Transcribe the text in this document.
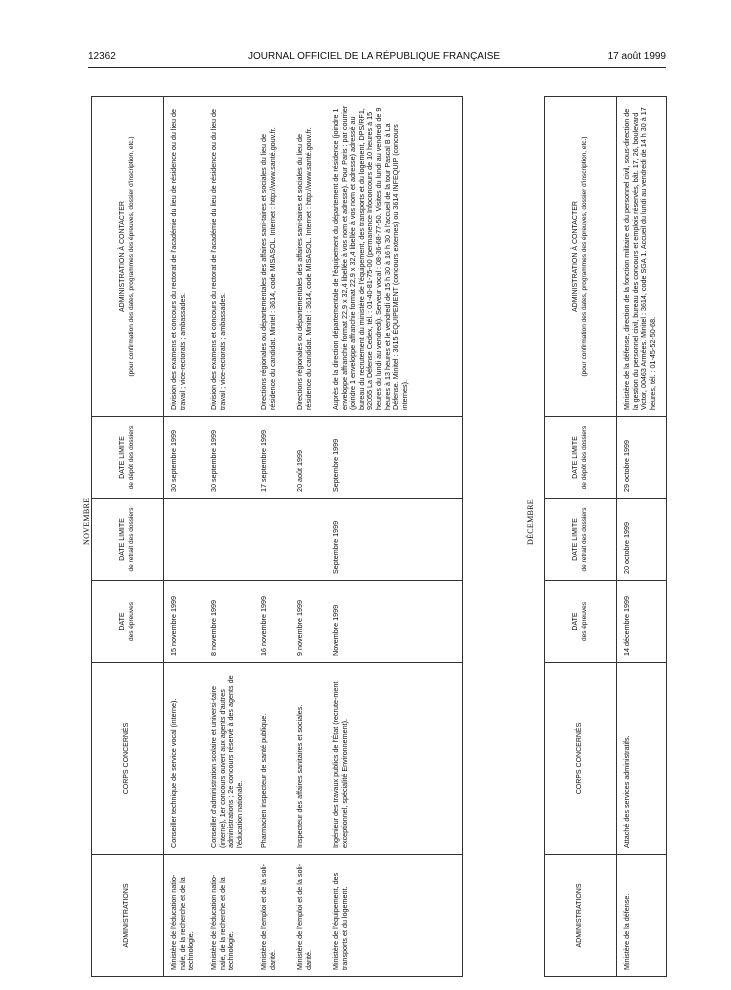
12362	JOURNAL OFFICIEL DE LA RÉPUBLIQUE FRANÇAISE	17 août 1999
NOVEMBRE
ADMINISTRATIONS	CORPS CONCERNÉS	DATE des épreuves	DATE LIMITE de retrait des dossiers	DATE LIMITE de dépôt des dossiers	ADMINISTRATION À CONTACTER (pour confirmation des dates, programmes des épreuves, dossier d'inscription, etc.)

Ministère de l'éducation natio-nale, de la recherche et de la technologie.	Conseiller technique de service vocal (interne).	15 novembre 1999		30 septembre 1999	Division des examens et concours du rectorat de l'académie du lieu de résidence ou du lieu de travail ; vice-rectorats ; ambassades.
Ministère de l'éducation natio-nale, de la recherche et de la technologie.	Conseiller d'administration scolaire et universi-taire (interne), 1er concours ouvert aux agents d'autres administrations ; 2e concours réservé à des agents de l'éducation nationale.	8 novembre 1999		30 septembre 1999	Division des examens et concours du rectorat de l'académie du lieu de résidence ou du lieu de travail ; vice-rectorats ; ambassades.
Ministère de l'emploi et de la soli-darité.	Pharmacien inspecteur de santé publique.	16 novembre 1999		17 septembre 1999	Directions régionales ou départementales des affaires sani-taires et sociales du lieu de résidence du candidat. Minitel : 3614, code MISASOL. Internet : http://www.santé.gouv.fr.
Ministère de l'emploi et de la soli-darité.	Inspecteur des affaires sanitaires et sociales.	9 novembre 1999		20 août 1999	Directions régionales ou départementales des affaires sani-taires et sociales du lieu de résidence du candidat. Minitel : 3614, code MISASOL. Internet : http://www.santé.gouv.fr.
Ministère de l'équipement, des transports et du logement.	Ingénieur des travaux publics de l'État (recrute-ment exceptionnel, spécialité Environnement).	Novembre 1999	Septembre 1999	Septembre 1999	Auprès de la direction départementale de l'équipement du département de résidence (joindre 1 enveloppe affranchie format 22,9 x 32,4 libellée à vos nom et adresse). Pour Paris : par courrier (joindre 1 enveloppe affranchie format 22,9 x 32,4 libellée à vos nom et adresse) adressé au bureau du recrutement du ministère de l'équipement, des transports et du logement, DPS/RF1, 92055 La Défense Cedex, tél. : 01-40-81-75-00 (permanence Infoconcours de 10 heures à 15 heures du lundi au vendredi). Serveur vocal : 08-36-68-77-50. Visites du lundi au vendredi de 9 heures à 13 heures et le vendredi de 15 h 30 à 16 h 30 à l'accueil de la tour Pascal B à La Défense. Minitel : 3615 ÉQUIPEMENT (concours externes) ou 3614 INFEQUIP (concours internes).
DÉCEMBRE
ADMINISTRATIONS	CORPS CONCERNÉS	DATE des épreuves	DATE LIMITE de retrait des dossiers	DATE LIMITE de dépôt des dossiers	ADMINISTRATION À CONTACTER (pour confirmation des dates, programmes des épreuves, dossier d'inscription, etc.)

Ministère de la défense.	Attaché des services administratifs.	14 décembre 1999	20 octobre 1999	29 octobre 1999	Ministère de la défense, direction de la fonction militaire et du personnel civil, sous-direction de la gestion du personnel civil, bureau des concours et emplois réservés, bât. 17, 26, boulevard Victor, 00463 Armées. Minitel : 3614, code SGA 1. Accueil du lundi au vendredi de 14 h 30 à 17 heures, tél. : 01-45-52-50-68.
